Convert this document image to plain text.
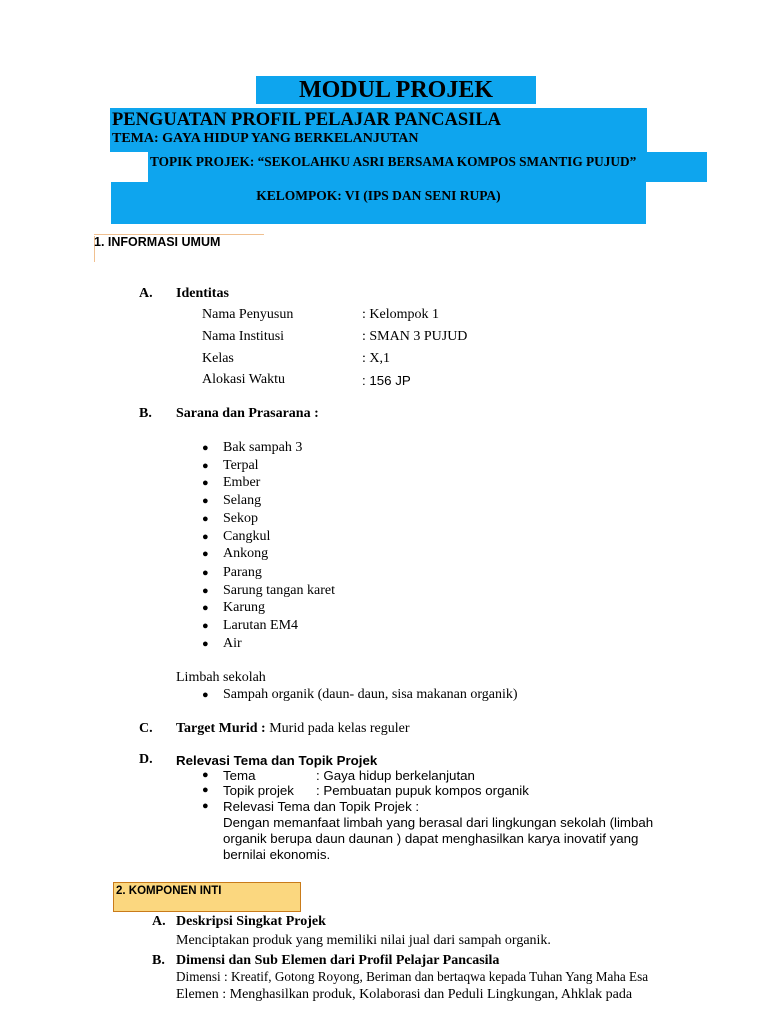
MODUL PROJEK
PENGUATAN PROFIL PELAJAR PANCASILA
TEMA: GAYA HIDUP YANG BERKELANJUTAN
TOPIK PROJEK: “SEKOLAHKU ASRI BERSAMA KOMPOS SMANTIG PUJUD”
KELOMPOK: VI (IPS DAN SENI RUPA)
1. INFORMASI UMUM
A. Identitas
Nama Penyusun	: Kelompok 1
Nama Institusi	: SMAN 3 PUJUD
Kelas	: X,1
Alokasi Waktu	: 156 JP
B. Sarana dan Prasarana :
● Bak sampah 3
● Terpal
● Ember
● Selang
● Sekop
● Cangkul
● Ankong
● Parang
● Sarung tangan karet
● Karung
● Larutan EM4
● Air
Limbah sekolah
● Sampah organik (daun- daun, sisa makanan organik)
C. Target Murid : Murid pada kelas reguler
D. Relevasi Tema dan Topik Projek
● Tema	: Gaya hidup berkelanjutan
● Topik projek : Pembuatan pupuk kompos organik
● Relevasi Tema dan Topik Projek :
Dengan memanfaat limbah yang berasal dari lingkungan sekolah (limbah
organik berupa daun daunan ) dapat menghasilkan karya inovatif yang
bernilai ekonomis.
2. KOMPONEN INTI
A. Deskripsi Singkat Projek
Menciptakan produk yang memiliki nilai jual dari sampah organik.
B. Dimensi dan Sub Elemen dari Profil Pelajar Pancasila
Dimensi : Kreatif, Gotong Royong, Beriman dan bertaqwa kepada Tuhan Yang Maha Esa
Elemen : Menghasilkan produk, Kolaborasi dan Peduli Lingkungan, Ahklak pada
